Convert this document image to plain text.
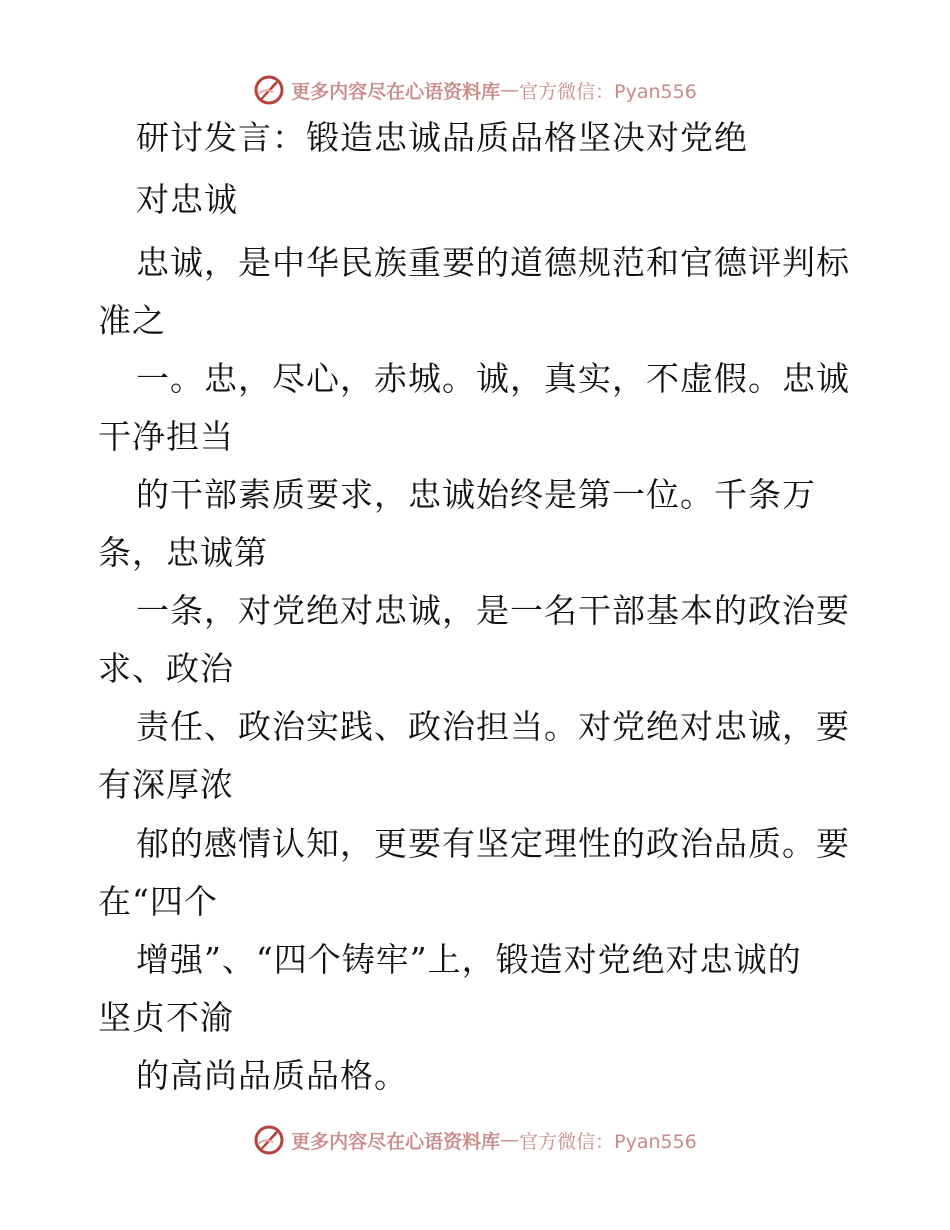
更多内容尽在心语资料库 — 官方微信：Pyan556
研讨发言：锻造忠诚品质品格坚决对党绝
对忠诚
忠诚，是中华民族重要的道德规范和官德评判标
准之
一。忠，尽心，赤城。诚，真实，不虚假。忠诚
干净担当
的干部素质要求，忠诚始终是第一位。千条万
条，忠诚第
一条，对党绝对忠诚，是一名干部基本的政治要
求、政治
责任、政治实践、政治担当。对党绝对忠诚，要
有深厚浓
郁的感情认知，更要有坚定理性的政治品质。要
在“四个
增强”、“四个铸牢”上，锻造对党绝对忠诚的
坚贞不渝
的高尚品质品格。
更多内容尽在心语资料库 — 官方微信：Pyan556
